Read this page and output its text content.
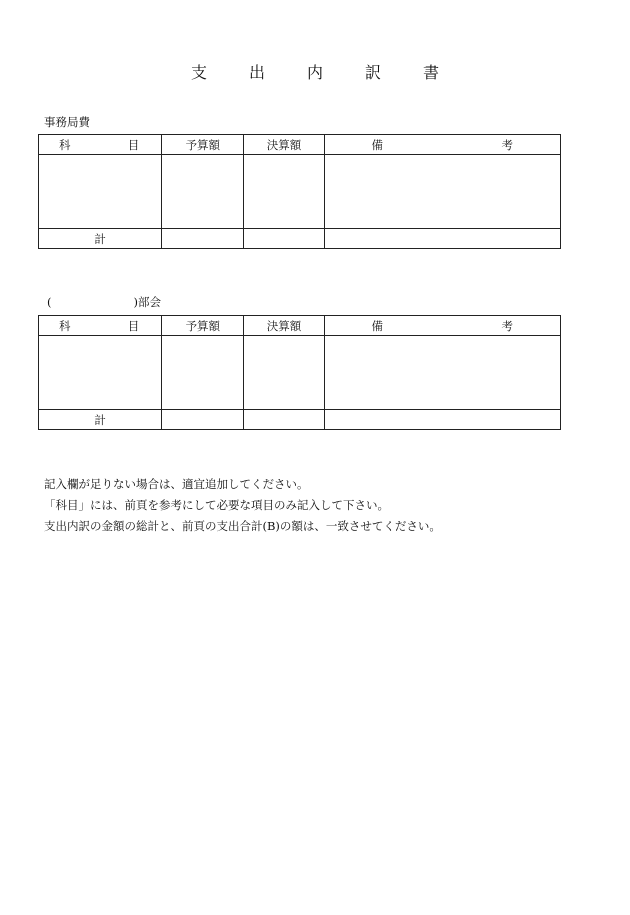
支	出	内	訳	書
事務局費
科 目	予算額	決算額	備 考

計			
(	)部会
科 目	予算額	決算額	備 考

計			

記入欄が足りない場合は、適宜追加してください。

「科目」には、前頁を参考にして必要な項目のみ記入して下さい。

支出内訳の金額の総計と、前頁の支出合計(B)の額は、一致させてください。
